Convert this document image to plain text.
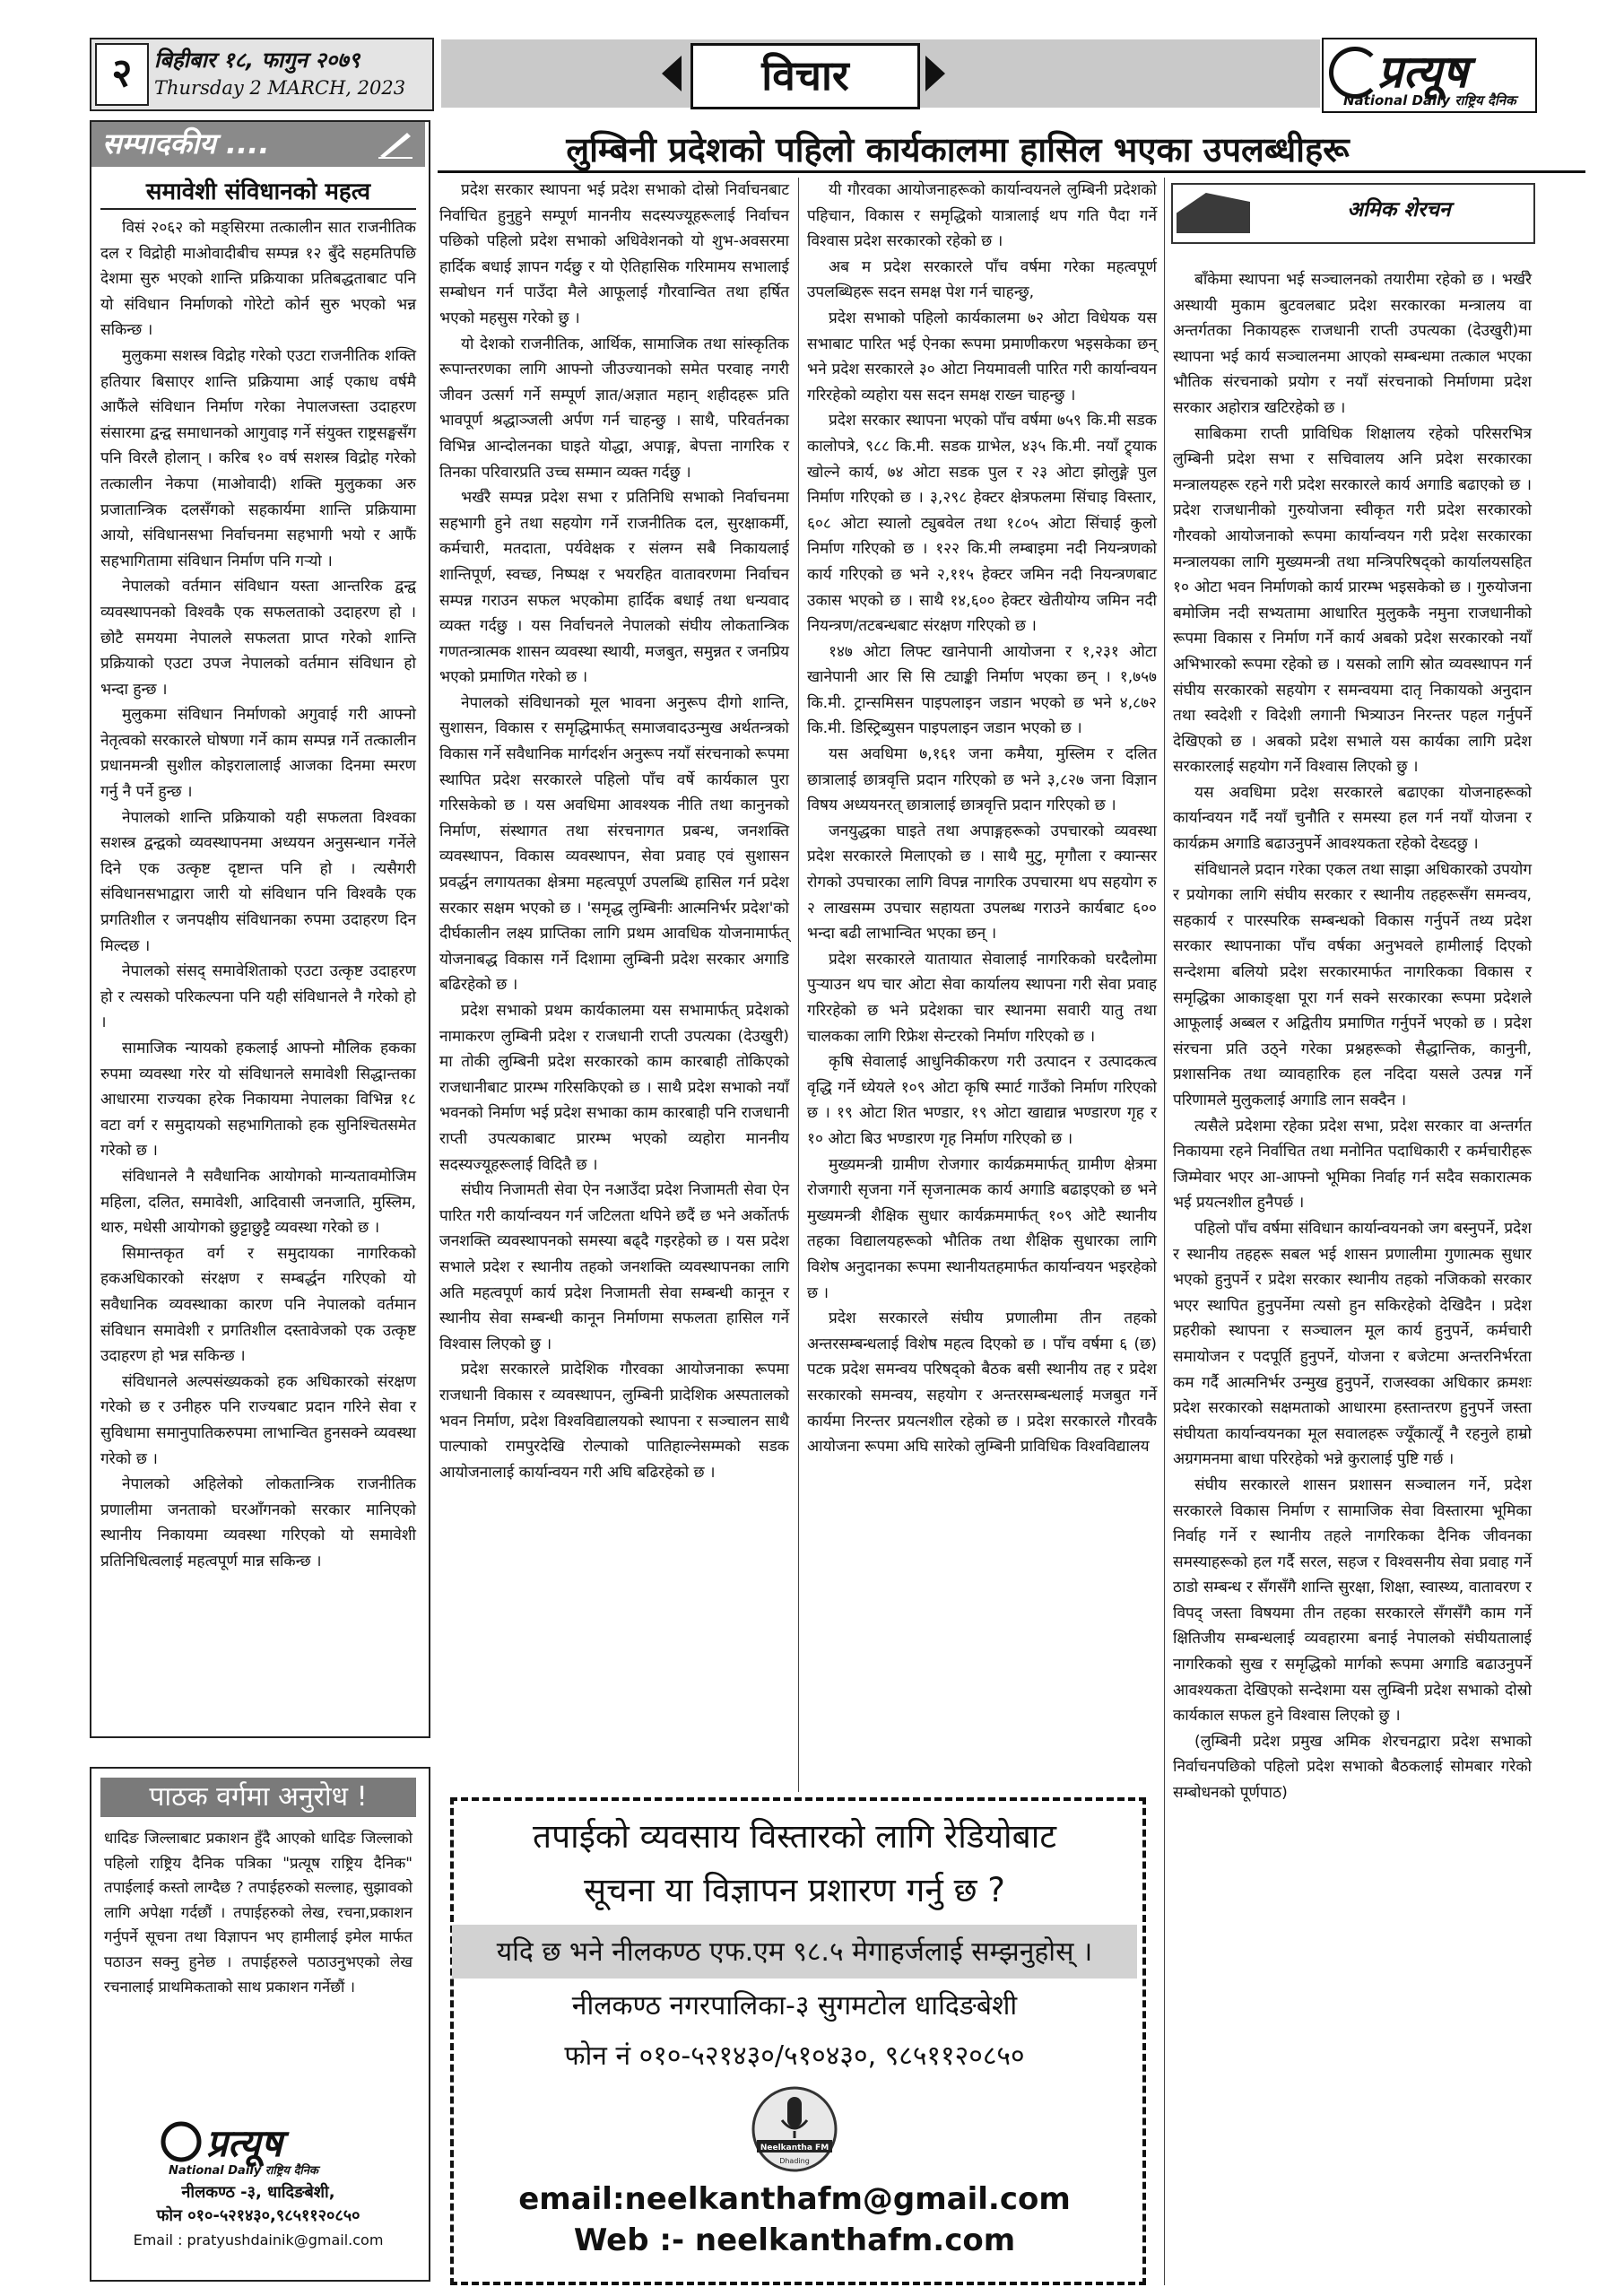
२	बिहीबार १८, फागुन २०७९
Thursday 2 MARCH, 2023	विचार	प्रत्यूष
National Daily राष्ट्रिय दैनिक
सम्पादकीय ....
समावेशी संविधानको महत्व

विसं २०६२ को मङ्सिरमा तत्कालीन सात राजनीतिक दल र विद्रोही माओवादीबीच सम्पन्न १२ बुँदे सहमतिपछि देशमा सुरु भएको शान्ति प्रक्रियाका प्रतिबद्धताबाट पनि यो संविधान निर्माणको गोरेटो कोर्न सुरु भएको भन्न सकिन्छ ।

मुलुकमा सशस्त्र विद्रोह गरेको एउटा राजनीतिक शक्ति हतियार बिसाएर शान्ति प्रक्रियामा आई एकाध वर्षमै आफैंले संविधान निर्माण गरेका नेपालजस्ता उदाहरण संसारमा द्वन्द्व समाधानको आगुवाइ गर्ने संयुक्त राष्ट्रसङ्घसँग पनि विरलै होलान् । करिब १० वर्ष सशस्त्र विद्रोह गरेको तत्कालीन नेकपा (माओवादी) शक्ति मुलुकका अरु प्रजातान्त्रिक दलसँगको सहकार्यमा शान्ति प्रक्रियामा आयो, संविधानसभा निर्वाचनमा सहभागी भयो र आफैं सहभागितामा संविधान निर्माण पनि गऱ्यो ।

नेपालको वर्तमान संविधान यस्ता आन्तरिक द्वन्द्व व्यवस्थापनको विश्वकै एक सफलताको उदाहरण हो । छोटै समयमा नेपालले सफलता प्राप्त गरेको शान्ति प्रक्रियाको एउटा उपज नेपालको वर्तमान संविधान हो भन्दा हुन्छ ।

मुलुकमा संविधान निर्माणको अगुवाई गरी आफ्नो नेतृत्वको सरकारले घोषणा गर्ने काम सम्पन्न गर्ने तत्कालीन प्रधानमन्त्री सुशील कोइरालालाई आजका दिनमा स्मरण गर्नु नै पर्ने हुन्छ ।

नेपालको शान्ति प्रक्रियाको यही सफलता विश्वका सशस्त्र द्वन्द्वको व्यवस्थापनमा अध्ययन अनुसन्धान गर्नेले दिने एक उत्कृष्ट दृष्टान्त पनि हो । त्यसैगरी संविधानसभाद्वारा जारी यो संविधान पनि विश्वकै एक प्रगतिशील र जनपक्षीय संविधानका रुपमा उदाहरण दिन मिल्दछ ।

नेपालको संसद् समावेशिताको एउटा उत्कृष्ट उदाहरण हो र त्यसको परिकल्पना पनि यही संविधानले नै गरेको हो ।

सामाजिक न्यायको हकलाई आफ्नो मौलिक हकका रुपमा व्यवस्था गरेर यो संविधानले समावेशी सिद्धान्तका आधारमा राज्यका हरेक निकायमा नेपालका विभिन्न १८ वटा वर्ग र समुदायको सहभागिताको हक सुनिश्चितसमेत गरेको छ ।

संविधानले नै सवैधानिक आयोगको मान्यतावमोजिम महिला, दलित, समावेशी, आदिवासी जनजाति, मुस्लिम, थारु, मधेसी आयोगको छुट्टाछुट्टै व्यवस्था गरेको छ ।

सिमान्तकृत वर्ग र समुदायका नागरिकको हकअधिकारको संरक्षण र सम्बर्द्धन गरिएको यो सवैधानिक व्यवस्थाका कारण पनि नेपालको वर्तमान संविधान समावेशी र प्रगतिशील दस्तावेजको एक उत्कृष्ट उदाहरण हो भन्न सकिन्छ ।

संविधानले अल्पसंख्यकको हक अधिकारको संरक्षण गरेको छ र उनीहरु पनि राज्यबाट प्रदान गरिने सेवा र सुविधामा समानुपातिकरुपमा लाभान्वित हुनसक्ने व्यवस्था गरेको छ ।

नेपालको अहिलेको लोकतान्त्रिक राजनीतिक प्रणालीमा जनताको घरआँगनको सरकार मानिएको स्थानीय निकायमा व्यवस्था गरिएको यो समावेशी प्रतिनिधित्वलाई महत्वपूर्ण मान्न सकिन्छ ।

लुम्बिनी प्रदेशको पहिलो कार्यकालमा हासिल भएका उपलब्धीहरू

प्रदेश सरकार स्थापना भई प्रदेश सभाको दोस्रो निर्वाचनबाट निर्वाचित हुनुहुने सम्पूर्ण माननीय सदस्यज्यूहरूलाई निर्वाचन पछिको पहिलो प्रदेश सभाको अधिवेशनको यो शुभ-अवसरमा हार्दिक बधाई ज्ञापन गर्दछु र यो ऐतिहासिक गरिमामय सभालाई सम्बोधन गर्न पाउँदा मैले आफूलाई गौरवान्वित तथा हर्षित भएको महसुस गरेको छु ।

यो देशको राजनीतिक, आर्थिक, सामाजिक तथा सांस्कृतिक रूपान्तरणका लागि आफ्नो जीउज्यानको समेत परवाह नगरी जीवन उत्सर्ग गर्ने सम्पूर्ण ज्ञात/अज्ञात महान् शहीदहरू प्रति भावपूर्ण श्रद्धाञ्जली अर्पण गर्न चाहन्छु । साथै, परिवर्तनका विभिन्न आन्दोलनका घाइते योद्धा, अपाङ्ग, बेपत्ता नागरिक र तिनका परिवारप्रति उच्च सम्मान व्यक्त गर्दछु ।

भर्खरै सम्पन्न प्रदेश सभा र प्रतिनिधि सभाको निर्वाचनमा सहभागी हुने तथा सहयोग गर्ने राजनीतिक दल, सुरक्षाकर्मी, कर्मचारी, मतदाता, पर्यवेक्षक र संलग्न सबै निकायलाई शान्तिपूर्ण, स्वच्छ, निष्पक्ष र भयरहित वातावरणमा निर्वाचन सम्पन्न गराउन सफल भएकोमा हार्दिक बधाई तथा धन्यवाद व्यक्त गर्दछु । यस निर्वाचनले नेपालको संघीय लोकतान्त्रिक गणतन्त्रात्मक शासन व्यवस्था स्थायी, मजबुत, समुन्नत र जनप्रिय भएको प्रमाणित गरेको छ ।

नेपालको संविधानको मूल भावना अनुरूप दीगो शान्ति, सुशासन, विकास र समृद्धिमार्फत् समाजवादउन्मुख अर्थतन्त्रको विकास गर्ने सवैधानिक मार्गदर्शन अनुरूप नयाँ संरचनाको रूपमा स्थापित प्रदेश सरकारले पहिलो पाँच वर्षे कार्यकाल पुरा गरिसकेको छ । यस अवधिमा आवश्यक नीति तथा कानुनको निर्माण, संस्थागत तथा संरचनागत प्रबन्ध, जनशक्ति व्यवस्थापन, विकास व्यवस्थापन, सेवा प्रवाह एवं सुशासन प्रवर्द्धन लगायतका क्षेत्रमा महत्वपूर्ण उपलब्धि हासिल गर्न प्रदेश सरकार सक्षम भएको छ । 'समृद्ध लुम्बिनीः आत्मनिर्भर प्रदेश'को दीर्घकालीन लक्ष्य प्राप्तिका लागि प्रथम आवधिक योजनामार्फत् योजनाबद्ध विकास गर्ने दिशामा लुम्बिनी प्रदेश सरकार अगाडि बढिरहेको छ ।

प्रदेश सभाको प्रथम कार्यकालमा यस सभामार्फत् प्रदेशको नामाकरण लुम्बिनी प्रदेश र राजधानी राप्ती उपत्यका (देउखुरी) मा तोकी लुम्बिनी प्रदेश सरकारको काम कारबाही तोकिएको राजधानीबाट प्रारम्भ गरिसकिएको छ । साथै प्रदेश सभाको नयाँ भवनको निर्माण भई प्रदेश सभाका काम कारबाही पनि राजधानी राप्ती उपत्यकाबाट प्रारम्भ भएको व्यहोरा माननीय सदस्यज्यूहरूलाई विदितै छ ।

संघीय निजामती सेवा ऐन नआउँदा प्रदेश निजामती सेवा ऐन पारित गरी कार्यान्वयन गर्न जटिलता थपिने छदैं छ भने अर्कोतर्फ जनशक्ति व्यवस्थापनको समस्या बढ्दै गइरहेको छ । यस प्रदेश सभाले प्रदेश र स्थानीय तहको जनशक्ति व्यवस्थापनका लागि अति महत्वपूर्ण कार्य प्रदेश निजामती सेवा सम्बन्धी कानून र स्थानीय सेवा सम्बन्धी कानून निर्माणमा सफलता हासिल गर्ने विश्वास लिएको छु ।

प्रदेश सरकारले प्रादेशिक गौरवका आयोजनाका रूपमा राजधानी विकास र व्यवस्थापन, लुम्बिनी प्रादेशिक अस्पतालको भवन निर्माण, प्रदेश विश्वविद्यालयको स्थापना र सञ्चालन साथै पाल्पाको रामपुरदेखि रोल्पाको पातिहाल्नेसम्मको सडक आयोजनालाई कार्यान्वयन गरी अघि बढिरहेको छ ।

यी गौरवका आयोजनाहरूको कार्यान्वयनले लुम्बिनी प्रदेशको पहिचान, विकास र समृद्धिको यात्रालाई थप गति पैदा गर्ने विश्वास प्रदेश सरकारको रहेको छ ।

अब म प्रदेश सरकारले पाँच वर्षमा गरेका महत्वपूर्ण उपलब्धिहरू सदन समक्ष पेश गर्न चाहन्छु,

प्रदेश सभाको पहिलो कार्यकालमा ७२ ओटा विधेयक यस सभाबाट पारित भई ऐनका रूपमा प्रमाणीकरण भइसकेका छन् भने प्रदेश सरकारले ३० ओटा नियमावली पारित गरी कार्यान्वयन गरिरहेको व्यहोरा यस सदन समक्ष राख्न चाहन्छु ।

प्रदेश सरकार स्थापना भएको पाँच वर्षमा ७५९ कि.मी सडक कालोपत्रे, ९८८ कि.मी. सडक ग्राभेल, ४३५ कि.मी. नयाँ ट्र्याक खोल्ने कार्य, ७४ ओटा सडक पुल र २३ ओटा झोलुङ्गे पुल निर्माण गरिएको छ । ३,२९८ हेक्टर क्षेत्रफलमा सिंचाइ विस्तार, ६०८ ओटा स्यालो ट्युबवेल तथा १८०५ ओटा सिंचाई कुलो निर्माण गरिएको छ । १२२ कि.मी लम्बाइमा नदी नियन्त्रणको कार्य गरिएको छ भने २,११५ हेक्टर जमिन नदी नियन्त्रणबाट उकास भएको छ । साथै १४,६०० हेक्टर खेतीयोग्य जमिन नदी नियन्त्रण/तटबन्धबाट संरक्षण गरिएको छ ।

१४७ ओटा लिफ्ट खानेपानी आयोजना र १,२३१ ओटा खानेपानी आर सि सि ट्याङ्की निर्माण भएका छन् । १,७५७ कि.मी. ट्रान्समिसन पाइपलाइन जडान भएको छ भने ४,८७२ कि.मी. डिस्ट्रिब्युसन पाइपलाइन जडान भएको छ ।

यस अवधिमा ७,१६१ जना कमैया, मुस्लिम र दलित छात्रालाई छात्रवृत्ति प्रदान गरिएको छ भने ३,८२७ जना विज्ञान विषय अध्ययनरत् छात्रालाई छात्रवृत्ति प्रदान गरिएको छ ।

जनयुद्धका घाइते तथा अपाङ्गहरूको उपचारको व्यवस्था प्रदेश सरकारले मिलाएको छ । साथै मुटु, मृगौला र क्यान्सर रोगको उपचारका लागि विपन्न नागरिक उपचारमा थप सहयोग रु २ लाखसम्म उपचार सहायता उपलब्ध गराउने कार्यबाट ६०० भन्दा बढी लाभान्वित भएका छन् ।

प्रदेश सरकारले यातायात सेवालाई नागरिकको घरदैलोमा पुऱ्याउन थप चार ओटा सेवा कार्यालय स्थापना गरी सेवा प्रवाह गरिरहेको छ भने प्रदेशका चार स्थानमा सवारी यातु तथा चालकका लागि रिफ्रेश सेन्टरको निर्माण गरिएको छ ।

कृषि सेवालाई आधुनिकीकरण गरी उत्पादन र उत्पादकत्व वृद्धि गर्ने ध्येयले १०९ ओटा कृषि स्मार्ट गाउँको निर्माण गरिएको छ । १९ ओटा शित भण्डार, १९ ओटा खाद्यान्न भण्डारण गृह र १० ओटा बिउ भण्डारण गृह निर्माण गरिएको छ ।

मुख्यमन्त्री ग्रामीण रोजगार कार्यक्रममार्फत् ग्रामीण क्षेत्रमा रोजगारी सृजना गर्ने सृजनात्मक कार्य अगाडि बढाइएको छ भने मुख्यमन्त्री शैक्षिक सुधार कार्यक्रममार्फत् १०९ ओटै स्थानीय तहका विद्यालयहरूको भौतिक तथा शैक्षिक सुधारका लागि विशेष अनुदानका रूपमा स्थानीयतहमार्फत कार्यान्वयन भइरहेको छ ।

प्रदेश सरकारले संघीय प्रणालीमा तीन तहको अन्तरसम्बन्धलाई विशेष महत्व दिएको छ । पाँच वर्षमा ६ (छ) पटक प्रदेश समन्वय परिषद्को बैठक बसी स्थानीय तह र प्रदेश सरकारको समन्वय, सहयोग र अन्तरसम्बन्धलाई मजबुत गर्ने कार्यमा निरन्तर प्रयत्नशील रहेको छ । प्रदेश सरकारले गौरवकै आयोजना रूपमा अघि सारेको लुम्बिनी प्राविधिक विश्वविद्यालय

अमिक शेरचन

बाँकेमा स्थापना भई सञ्चालनको तयारीमा रहेको छ । भर्खरै अस्थायी मुकाम बुटवलबाट प्रदेश सरकारका मन्त्रालय वा अन्तर्गतका निकायहरू राजधानी राप्ती उपत्यका (देउखुरी)मा स्थापना भई कार्य सञ्चालनमा आएको सम्बन्धमा तत्काल भएका भौतिक संरचनाको प्रयोग र नयाँ संरचनाको निर्माणमा प्रदेश सरकार अहोरात्र खटिरहेको छ ।

साबिकमा राप्ती प्राविधिक शिक्षालय रहेको परिसरभित्र लुम्बिनी प्रदेश सभा र सचिवालय अनि प्रदेश सरकारका मन्त्रालयहरू रहने गरी प्रदेश सरकारले कार्य अगाडि बढाएको छ । प्रदेश राजधानीको गुरुयोजना स्वीकृत गरी प्रदेश सरकारको गौरवको आयोजनाको रूपमा कार्यान्वयन गरी प्रदेश सरकारका मन्त्रालयका लागि मुख्यमन्त्री तथा मन्त्रिपरिषद्को कार्यालयसहित १० ओटा भवन निर्माणको कार्य प्रारम्भ भइसकेको छ । गुरुयोजना बमोजिम नदी सभ्यतामा आधारित मुलुककै नमुना राजधानीको रूपमा विकास र निर्माण गर्ने कार्य अबको प्रदेश सरकारको नयाँ अभिभारको रूपमा रहेको छ । यसको लागि स्रोत व्यवस्थापन गर्न संघीय सरकारको सहयोग र समन्वयमा दातृ निकायको अनुदान तथा स्वदेशी र विदेशी लगानी भित्र्याउन निरन्तर पहल गर्नुपर्ने देखिएको छ । अबको प्रदेश सभाले यस कार्यका लागि प्रदेश सरकारलाई सहयोग गर्ने विश्वास लिएको छु ।

यस अवधिमा प्रदेश सरकारले बढाएका योजनाहरूको कार्यान्वयन गर्दै नयाँ चुनौैति र समस्या हल गर्न नयाँ योजना र कार्यक्रम अगाडि बढाउनुपर्ने आवश्यकता रहेको देख्दछु ।

संविधानले प्रदान गरेका एकल तथा साझा अधिकारको उपयोग र प्रयोगका लागि संघीय सरकार र स्थानीय तहहरूसँग समन्वय, सहकार्य र पारस्परिक सम्बन्धको विकास गर्नुपर्ने तथ्य प्रदेश सरकार स्थापनाका पाँच वर्षका अनुभवले हामीलाई दिएको सन्देशमा बलियो प्रदेश सरकारमार्फत नागरिकका विकास र समृद्धिका आकाङ्क्षा पूरा गर्न सक्ने सरकारका रूपमा प्रदेशले आफूलाई अब्बल र अद्वितीय प्रमाणित गर्नुपर्ने भएको छ । प्रदेश संरचना प्रति उठ्ने गरेका प्रश्नहरूको सैद्धान्तिक, कानुनी, प्रशासनिक तथा व्यावहारिक हल नदिदा यसले उत्पन्न गर्ने परिणामले मुलुकलाई अगाडि लान सक्दैन ।

त्यसैले प्रदेशमा रहेका प्रदेश सभा, प्रदेश सरकार वा अन्तर्गत निकायमा रहने निर्वाचित तथा मनोनित पदाधिकारी र कर्मचारीहरू जिम्मेवार भएर आ-आफ्नो भूमिका निर्वाह गर्न सदैव सकारात्मक भई प्रयत्नशील हुनैपर्छ ।

पहिलो पाँच वर्षमा संविधान कार्यान्वयनको जग बस्नुपर्ने, प्रदेश र स्थानीय तहहरू सबल भई शासन प्रणालीमा गुणात्मक सुधार भएको हुनुपर्ने र प्रदेश सरकार स्थानीय तहको नजिकको सरकार भएर स्थापित हुनुपर्नेमा त्यसो हुन सकिरहेको देखिदैन । प्रदेश प्रहरीको स्थापना र सञ्चालन मूल कार्य हुनुपर्ने, कर्मचारी समायोजन र पदपूर्ति हुनुपर्ने, योजना र बजेटमा अन्तरनिर्भरता कम गर्दै आत्मनिर्भर उन्मुख हुनुपर्ने, राजस्वका अधिकार क्रमशः प्रदेश सरकारको सक्षमताको आधारमा हस्तान्तरण हुनुपर्ने जस्ता संघीयता कार्यान्वयनका मूल सवालहरू ज्यूँकात्यूँ नै रहनुले हाम्रो अग्रगमनमा बाधा परिरहेको भन्ने कुरालाई पुष्टि गर्छ ।

संघीय सरकारले शासन प्रशासन सञ्चालन गर्ने, प्रदेश सरकारले विकास निर्माण र सामाजिक सेवा विस्तारमा भूमिका निर्वाह गर्ने र स्थानीय तहले नागरिकका दैनिक जीवनका समस्याहरूको हल गर्दै सरल, सहज र विश्वसनीय सेवा प्रवाह गर्ने ठाडो सम्बन्ध र सँगसँगै शान्ति सुरक्षा, शिक्षा, स्वास्थ्य, वातावरण र विपद् जस्ता विषयमा तीन तहका सरकारले सँगसँगै काम गर्ने क्षितिजीय सम्बन्धलाई व्यवहारमा बनाई नेपालको संघीयतालाई नागरिकको सुख र समृद्धिको मार्गको रूपमा अगाडि बढाउनुपर्ने आवश्यकता देखिएको सन्देशमा यस लुम्बिनी प्रदेश सभाको दोस्रो कार्यकाल सफल हुने विश्वास लिएको छु ।

(लुम्बिनी प्रदेश प्रमुख अमिक शेरचनद्वारा प्रदेश सभाको निर्वाचनपछिको पहिलो प्रदेश सभाको बैठकलाई सोमबार गरेको सम्बोधनको पूर्णपाठ)

पाठक वर्गमा अनुरोध !
धादिङ जिल्लाबाट प्रकाशन हुँदै आएको धादिङ जिल्लाको पहिलो राष्ट्रिय दैनिक पत्रिका "प्रत्यूष राष्ट्रिय दैनिक" तपाईलाई कस्तो लाग्दैछ ? तपाईहरुको सल्लाह, सुझावको लागि अपेक्षा गर्दछौं । तपाईहरुको लेख, रचना,प्रकाशन गर्नुपर्ने सूचना तथा विज्ञापन भए हामीलाई इमेल मार्फत पठाउन सक्नु हुनेछ । तपाईहरुले पठाउनुभएको लेख रचनालाई प्राथमिकताको साथ प्रकाशन गर्नेछौं ।
प्रत्यूष
National Daily राष्ट्रिय दैनिक
नीलकण्ठ -३, धादिङबेशी,
फोन ०१०-५२१४३०,९८५११२०८५०
Email : pratyushdainik@gmail.com
तपाईको व्यवसाय विस्तारको लागि रेडियोबाट
सूचना या विज्ञापन प्रशारण गर्नु छ ?
यदि छ भने नीलकण्ठ एफ.एम ९८.५ मेगाहर्जलाई सम्झनुहोस् ।
नीलकण्ठ नगरपालिका-३ सुगमटोल धादिङबेशी
फोन नं ०१०-५२१४३०/५१०४३०, ९८५११२०८५०
Neelkantha FM
Dhading
email:neelkanthafm@gmail.com
Web :- neelkanthafm.com
